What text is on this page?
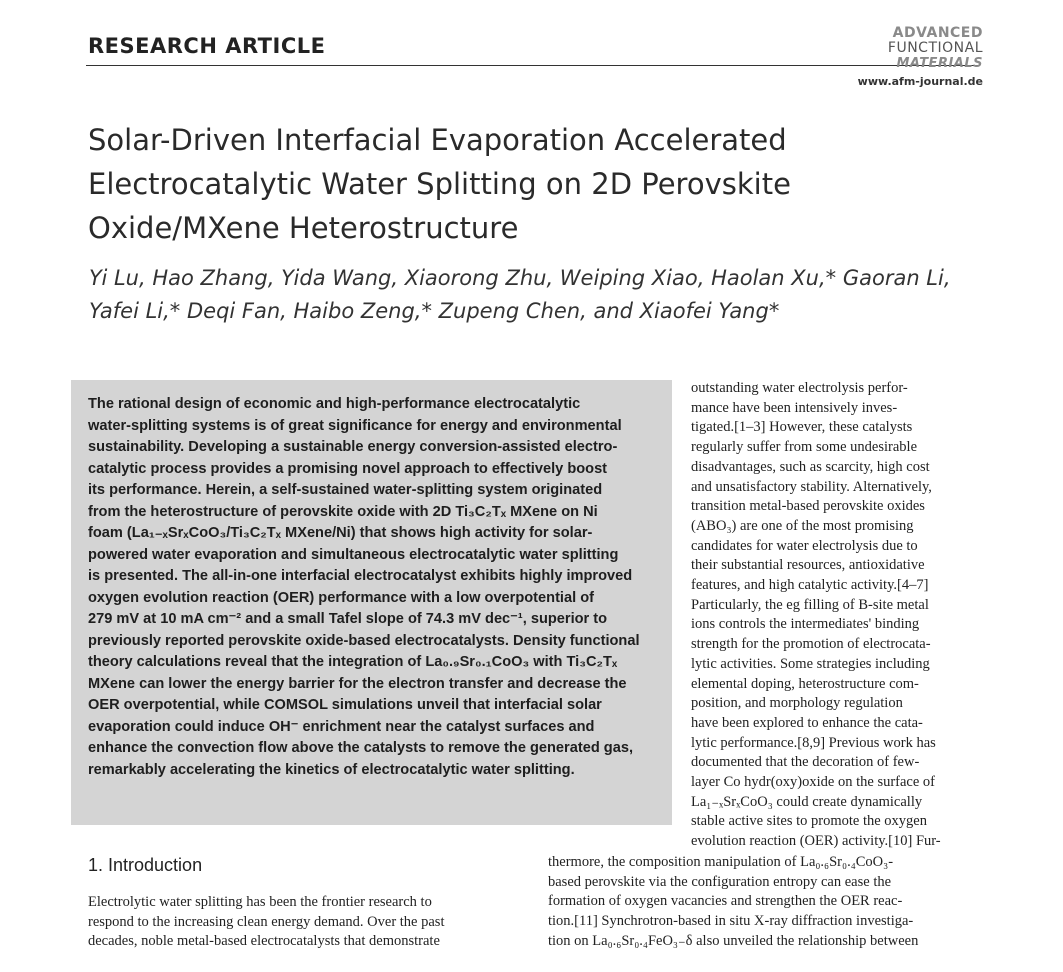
RESEARCH ARTICLE
ADVANCED
FUNCTIONAL
MATERIALS
www.afm-journal.de
Solar-Driven Interfacial Evaporation Accelerated
Electrocatalytic Water Splitting on 2D Perovskite
Oxide/MXene Heterostructure
Yi Lu, Hao Zhang, Yida Wang, Xiaorong Zhu, Weiping Xiao, Haolan Xu,* Gaoran Li,
Yafei Li,* Deqi Fan, Haibo Zeng,* Zupeng Chen, and Xiaofei Yang*
The rational design of economic and high-performance electrocatalytic
water-splitting systems is of great significance for energy and environmental
sustainability. Developing a sustainable energy conversion-assisted electro-
catalytic process provides a promising novel approach to effectively boost
its performance. Herein, a self-sustained water-splitting system originated
from the heterostructure of perovskite oxide with 2D Ti₃C₂Tₓ MXene on Ni
foam (La₁₋ₓSrₓCoO₃/Ti₃C₂Tₓ MXene/Ni) that shows high activity for solar-
powered water evaporation and simultaneous electrocatalytic water splitting
is presented. The all-in-one interfacial electrocatalyst exhibits highly improved
oxygen evolution reaction (OER) performance with a low overpotential of
279 mV at 10 mA cm⁻² and a small Tafel slope of 74.3 mV dec⁻¹, superior to
previously reported perovskite oxide-based electrocatalysts. Density functional
theory calculations reveal that the integration of La₀.₉Sr₀.₁CoO₃ with Ti₃C₂Tₓ
MXene can lower the energy barrier for the electron transfer and decrease the
OER overpotential, while COMSOL simulations unveil that interfacial solar
evaporation could induce OH⁻ enrichment near the catalyst surfaces and
enhance the convection flow above the catalysts to remove the generated gas,
remarkably accelerating the kinetics of electrocatalytic water splitting.
outstanding water electrolysis perfor-
mance have been intensively inves-
tigated.[1–3] However, these catalysts
regularly suffer from some undesirable
disadvantages, such as scarcity, high cost
and unsatisfactory stability. Alternatively,
transition metal-based perovskite oxides
(ABO₃) are one of the most promising
candidates for water electrolysis due to
their substantial resources, antioxidative
features, and high catalytic activity.[4–7]
Particularly, the eg filling of B-site metal
ions controls the intermediates' binding
strength for the promotion of electrocata-
lytic activities. Some strategies including
elemental doping, heterostructure com-
position, and morphology regulation
have been explored to enhance the cata-
lytic performance.[8,9] Previous work has
documented that the decoration of few-
layer Co hydr(oxy)oxide on the surface of
La₁₋ₓSrₓCoO₃ could create dynamically
stable active sites to promote the oxygen
evolution reaction (OER) activity.[10] Fur-
thermore, the composition manipulation of La₀.₆Sr₀.₄CoO₃-
based perovskite via the configuration entropy can ease the
formation of oxygen vacancies and strengthen the OER reac-
tion.[11] Synchrotron-based in situ X-ray diffraction investiga-
tion on La₀.₆Sr₀.₄FeO₃₋δ also unveiled the relationship between
1. Introduction
Electrolytic water splitting has been the frontier research to
respond to the increasing clean energy demand. Over the past
decades, noble metal-based electrocatalysts that demonstrate
